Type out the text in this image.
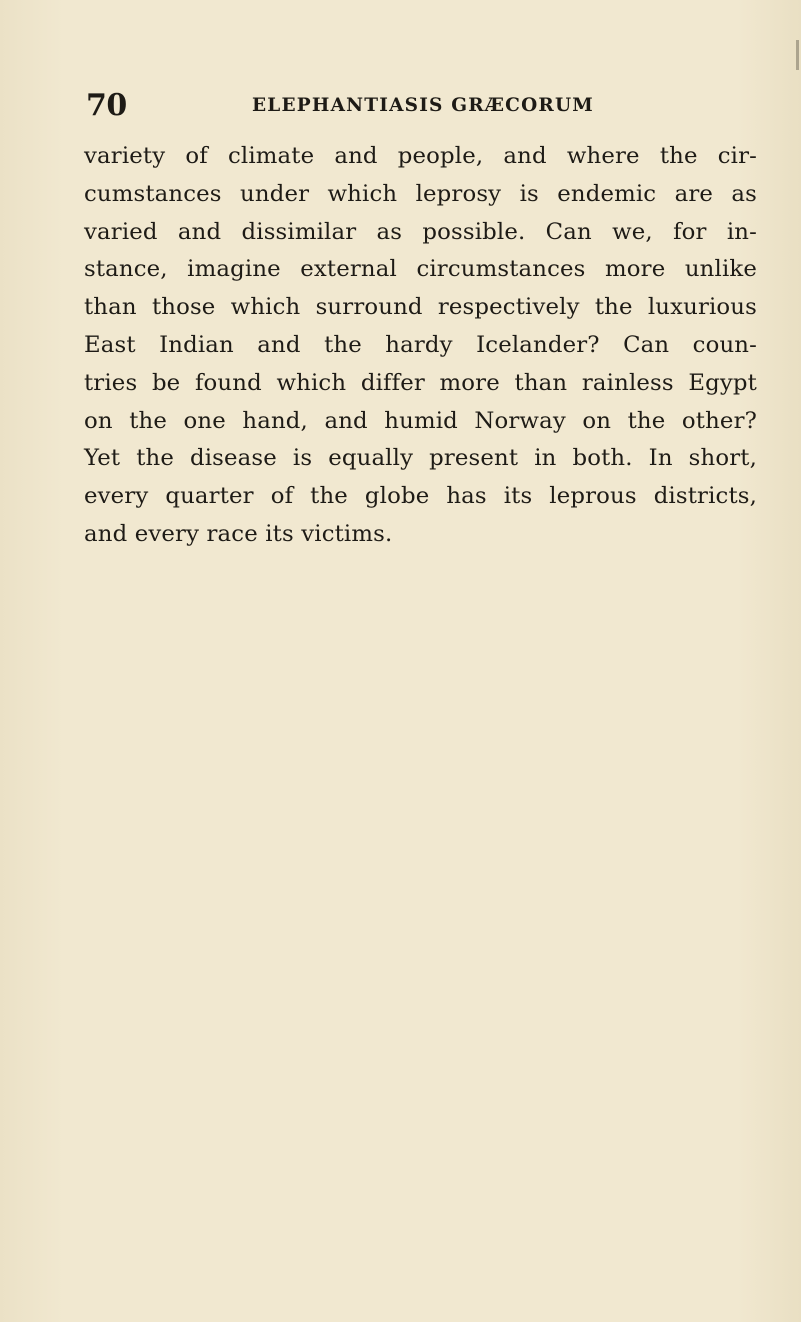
70	ELEPHANTIASIS GRÆCORUM
variety of climate and people, and where the cir-
cumstances under which leprosy is endemic are as
varied and dissimilar as possible. Can we, for in-
stance, imagine external circumstances more unlike
than those which surround respectively the luxurious
East Indian and the hardy Icelander? Can coun-
tries be found which differ more than rainless Egypt
on the one hand, and humid Norway on the other?
Yet the disease is equally present in both. In short,
every quarter of the globe has its leprous districts,
and every race its victims.
